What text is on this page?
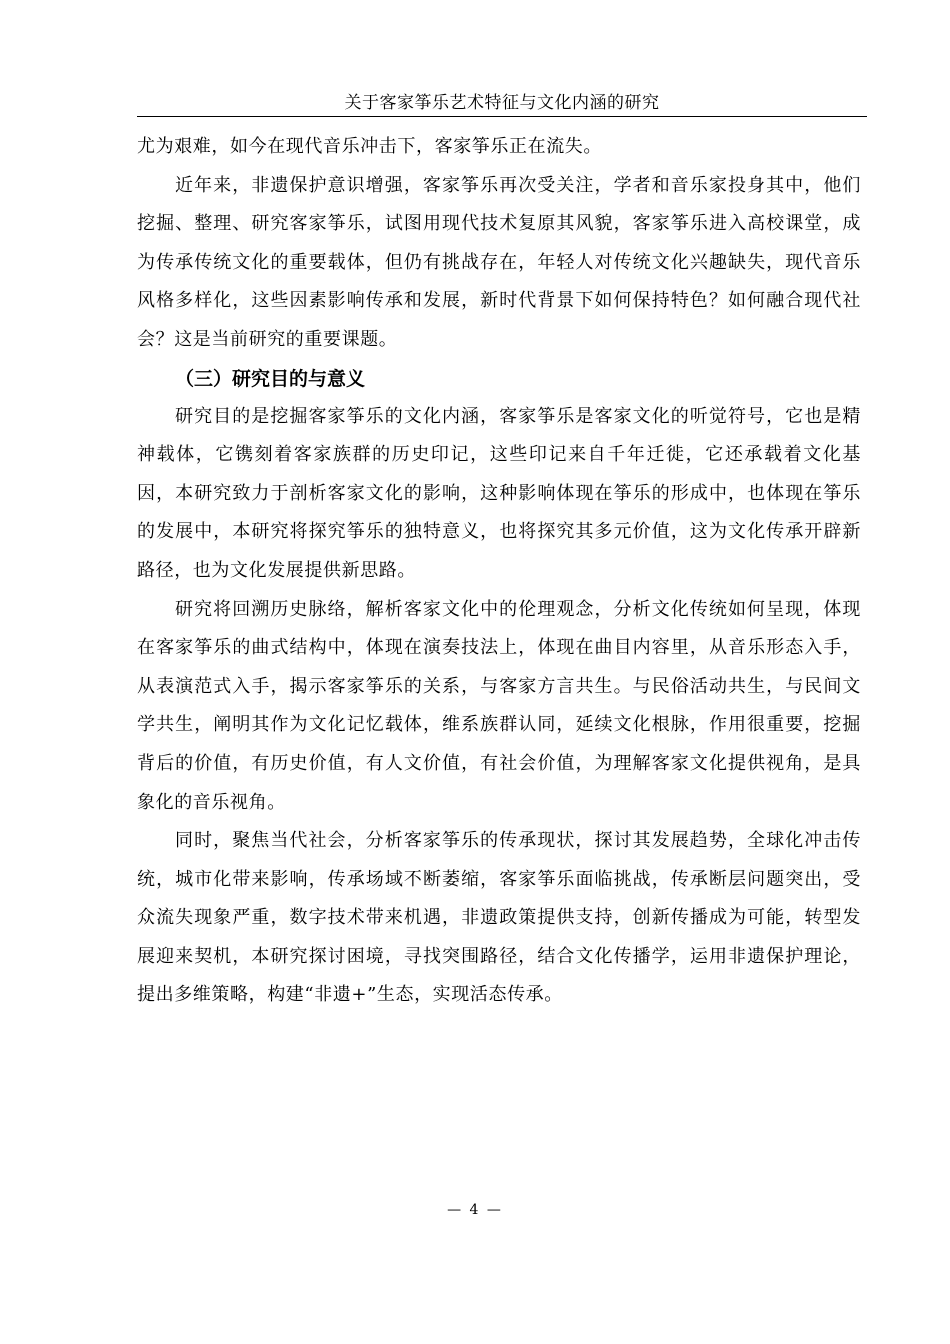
关于客家筝乐艺术特征与文化内涵的研究

尤为艰难，如今在现代音乐冲击下，客家筝乐正在流失。

近年来，非遗保护意识增强，客家筝乐再次受关注，学者和音乐家投身其中，他们挖掘、整理、研究客家筝乐，试图用现代技术复原其风貌，客家筝乐进入高校课堂，成为传承传统文化的重要载体，但仍有挑战存在，年轻人对传统文化兴趣缺失，现代音乐风格多样化，这些因素影响传承和发展，新时代背景下如何保持特色？如何融合现代社会？这是当前研究的重要课题。

（三）研究目的与意义

研究目的是挖掘客家筝乐的文化内涵，客家筝乐是客家文化的听觉符号，它也是精神载体，它镌刻着客家族群的历史印记，这些印记来自千年迁徙，它还承载着文化基因，本研究致力于剖析客家文化的影响，这种影响体现在筝乐的形成中，也体现在筝乐的发展中，本研究将探究筝乐的独特意义，也将探究其多元价值，这为文化传承开辟新路径，也为文化发展提供新思路。

研究将回溯历史脉络，解析客家文化中的伦理观念，分析文化传统如何呈现，体现在客家筝乐的曲式结构中，体现在演奏技法上，体现在曲目内容里，从音乐形态入手，从表演范式入手，揭示客家筝乐的关系，与客家方言共生。与民俗活动共生，与民间文学共生，阐明其作为文化记忆载体，维系族群认同，延续文化根脉，作用很重要，挖掘背后的价值，有历史价值，有人文价值，有社会价值，为理解客家文化提供视角，是具象化的音乐视角。

同时，聚焦当代社会，分析客家筝乐的传承现状，探讨其发展趋势，全球化冲击传统，城市化带来影响，传承场域不断萎缩，客家筝乐面临挑战，传承断层问题突出，受众流失现象严重，数字技术带来机遇，非遗政策提供支持，创新传播成为可能，转型发展迎来契机，本研究探讨困境，寻找突围路径，结合文化传播学，运用非遗保护理论，提出多维策略，构建“非遗+”生态，实现活态传承。

— 4 —
